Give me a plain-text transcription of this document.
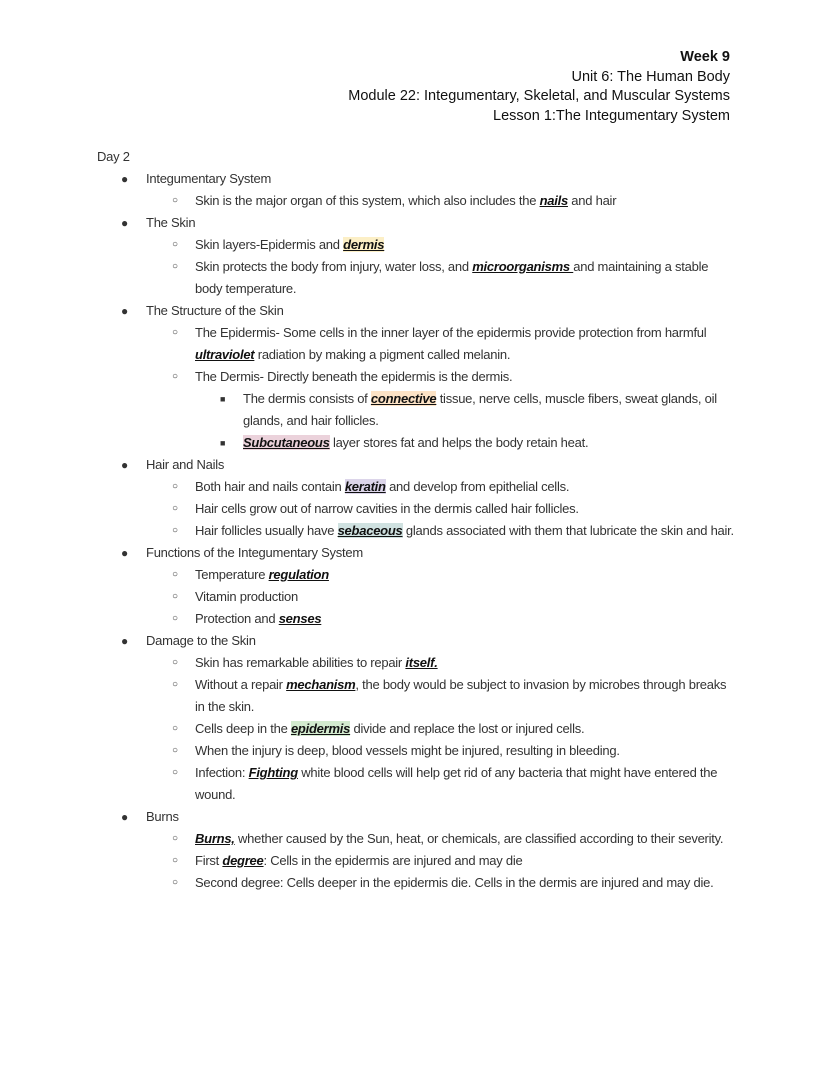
Week 9
Unit 6: The Human Body
Module 22: Integumentary, Skeletal, and Muscular Systems
Lesson 1:The Integumentary System
Day 2
● Integumentary System
○ Skin is the major organ of this system, which also includes the nails and hair
● The Skin
○ Skin layers-Epidermis and dermis
○ Skin protects the body from injury, water loss, and microorganisms and maintaining a stable body temperature.
● The Structure of the Skin
○ The Epidermis- Some cells in the inner layer of the epidermis provide protection from harmful ultraviolet radiation by making a pigment called melanin.
○ The Dermis- Directly beneath the epidermis is the dermis.
■ The dermis consists of connective tissue, nerve cells, muscle fibers, sweat glands, oil glands, and hair follicles.
■ Subcutaneous layer stores fat and helps the body retain heat.
● Hair and Nails
○ Both hair and nails contain keratin and develop from epithelial cells.
○ Hair cells grow out of narrow cavities in the dermis called hair follicles.
○ Hair follicles usually have sebaceous glands associated with them that lubricate the skin and hair.
● Functions of the Integumentary System
○ Temperature regulation
○ Vitamin production
○ Protection and senses
● Damage to the Skin
○ Skin has remarkable abilities to repair itself.
○ Without a repair mechanism, the body would be subject to invasion by microbes through breaks in the skin.
○ Cells deep in the epidermis divide and replace the lost or injured cells.
○ When the injury is deep, blood vessels might be injured, resulting in bleeding.
○ Infection: Fighting white blood cells will help get rid of any bacteria that might have entered the wound.
● Burns
○ Burns, whether caused by the Sun, heat, or chemicals, are classified according to their severity.
○ First degree: Cells in the epidermis are injured and may die
○ Second degree: Cells deeper in the epidermis die. Cells in the dermis are injured and may die.
